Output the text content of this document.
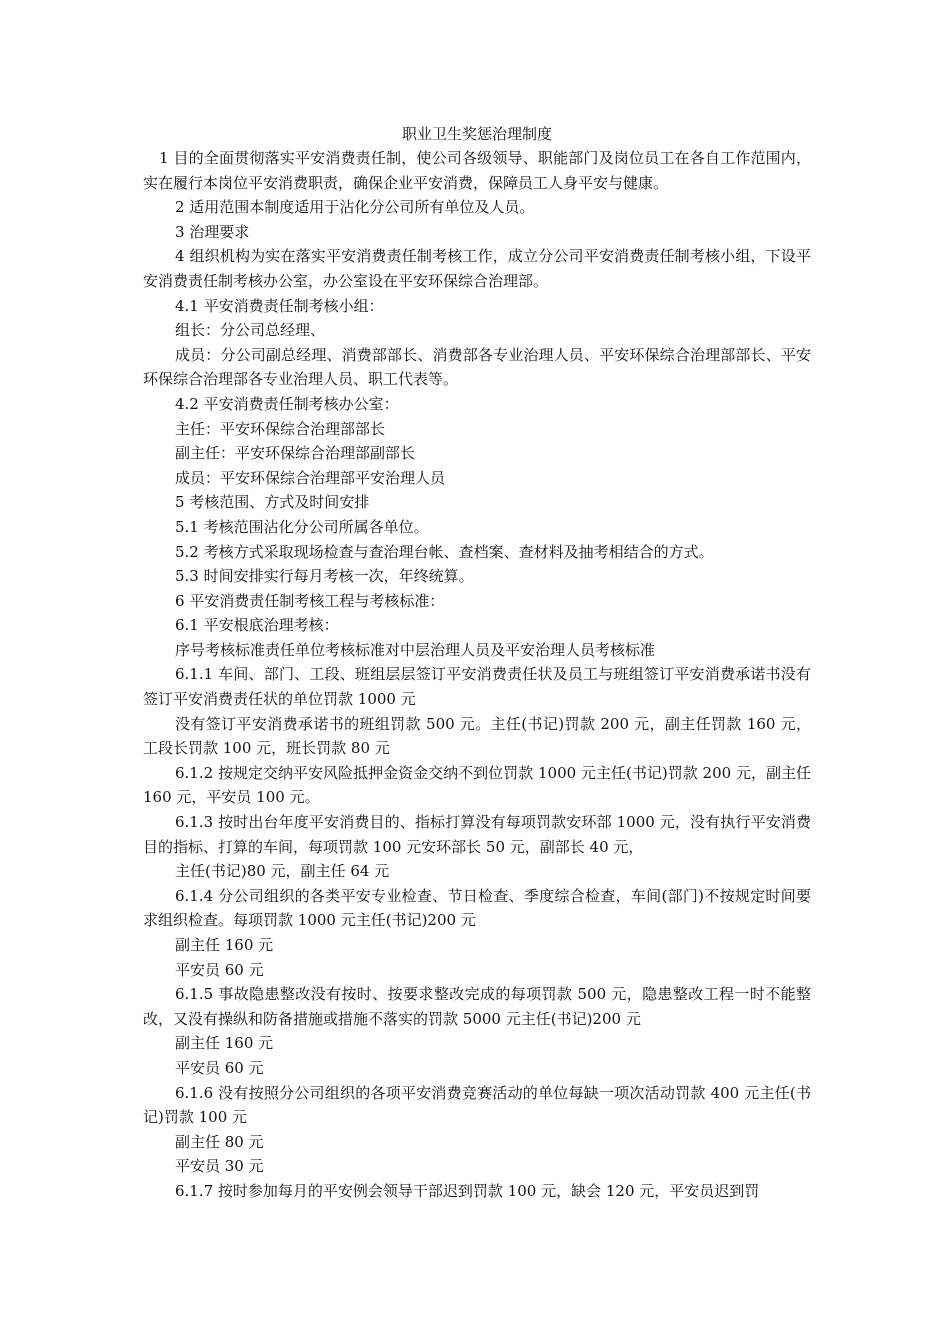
职业卫生奖惩治理制度

1 目的全面贯彻落实平安消费责任制，使公司各级领导、职能部门及岗位员工在各自工作范围内，实在履行本岗位平安消费职责，确保企业平安消费，保障员工人身平安与健康。

2 适用范围本制度适用于沾化分公司所有单位及人员。

3 治理要求

4 组织机构为实在落实平安消费责任制考核工作，成立分公司平安消费责任制考核小组，下设平安消费责任制考核办公室，办公室设在平安环保综合治理部。

4.1 平安消费责任制考核小组：

组长：分公司总经理、

成员：分公司副总经理、消费部部长、消费部各专业治理人员、平安环保综合治理部部长、平安环保综合治理部各专业治理人员、职工代表等。

4.2 平安消费责任制考核办公室：

主任：平安环保综合治理部部长

副主任：平安环保综合治理部副部长

成员：平安环保综合治理部平安治理人员

5 考核范围、方式及时间安排

5.1 考核范围沾化分公司所属各单位。

5.2 考核方式采取现场检查与查治理台帐、查档案、查材料及抽考相结合的方式。

5.3 时间安排实行每月考核一次，年终统算。

6 平安消费责任制考核工程与考核标准：

6.1 平安根底治理考核：

序号考核标准责任单位考核标准对中层治理人员及平安治理人员考核标准

6.1.1 车间、部门、工段、班组层层签订平安消费责任状及员工与班组签订平安消费承诺书没有签订平安消费责任状的单位罚款 1000 元

没有签订平安消费承诺书的班组罚款 500 元。主任(书记)罚款 200 元，副主任罚款 160 元，工段长罚款 100 元，班长罚款 80 元

6.1.2 按规定交纳平安风险抵押金资金交纳不到位罚款 1000 元主任(书记)罚款 200 元，副主任 160 元，平安员 100 元。

6.1.3 按时出台年度平安消费目的、指标打算没有每项罚款安环部 1000 元，没有执行平安消费目的指标、打算的车间，每项罚款 100 元安环部长 50 元，副部长 40 元，

主任(书记)80 元，副主任 64 元

6.1.4 分公司组织的各类平安专业检查、节日检查、季度综合检查，车间(部门)不按规定时间要求组织检查。每项罚款 1000 元主任(书记)200 元

副主任 160 元

平安员 60 元

6.1.5 事故隐患整改没有按时、按要求整改完成的每项罚款 500 元，隐患整改工程一时不能整改，又没有操纵和防备措施或措施不落实的罚款 5000 元主任(书记)200 元

副主任 160 元

平安员 60 元

6.1.6 没有按照分公司组织的各项平安消费竞赛活动的单位每缺一项次活动罚款 400 元主任(书记)罚款 100 元

副主任 80 元

平安员 30 元

6.1.7 按时参加每月的平安例会领导干部迟到罚款 100 元，缺会 120 元，平安员迟到罚
